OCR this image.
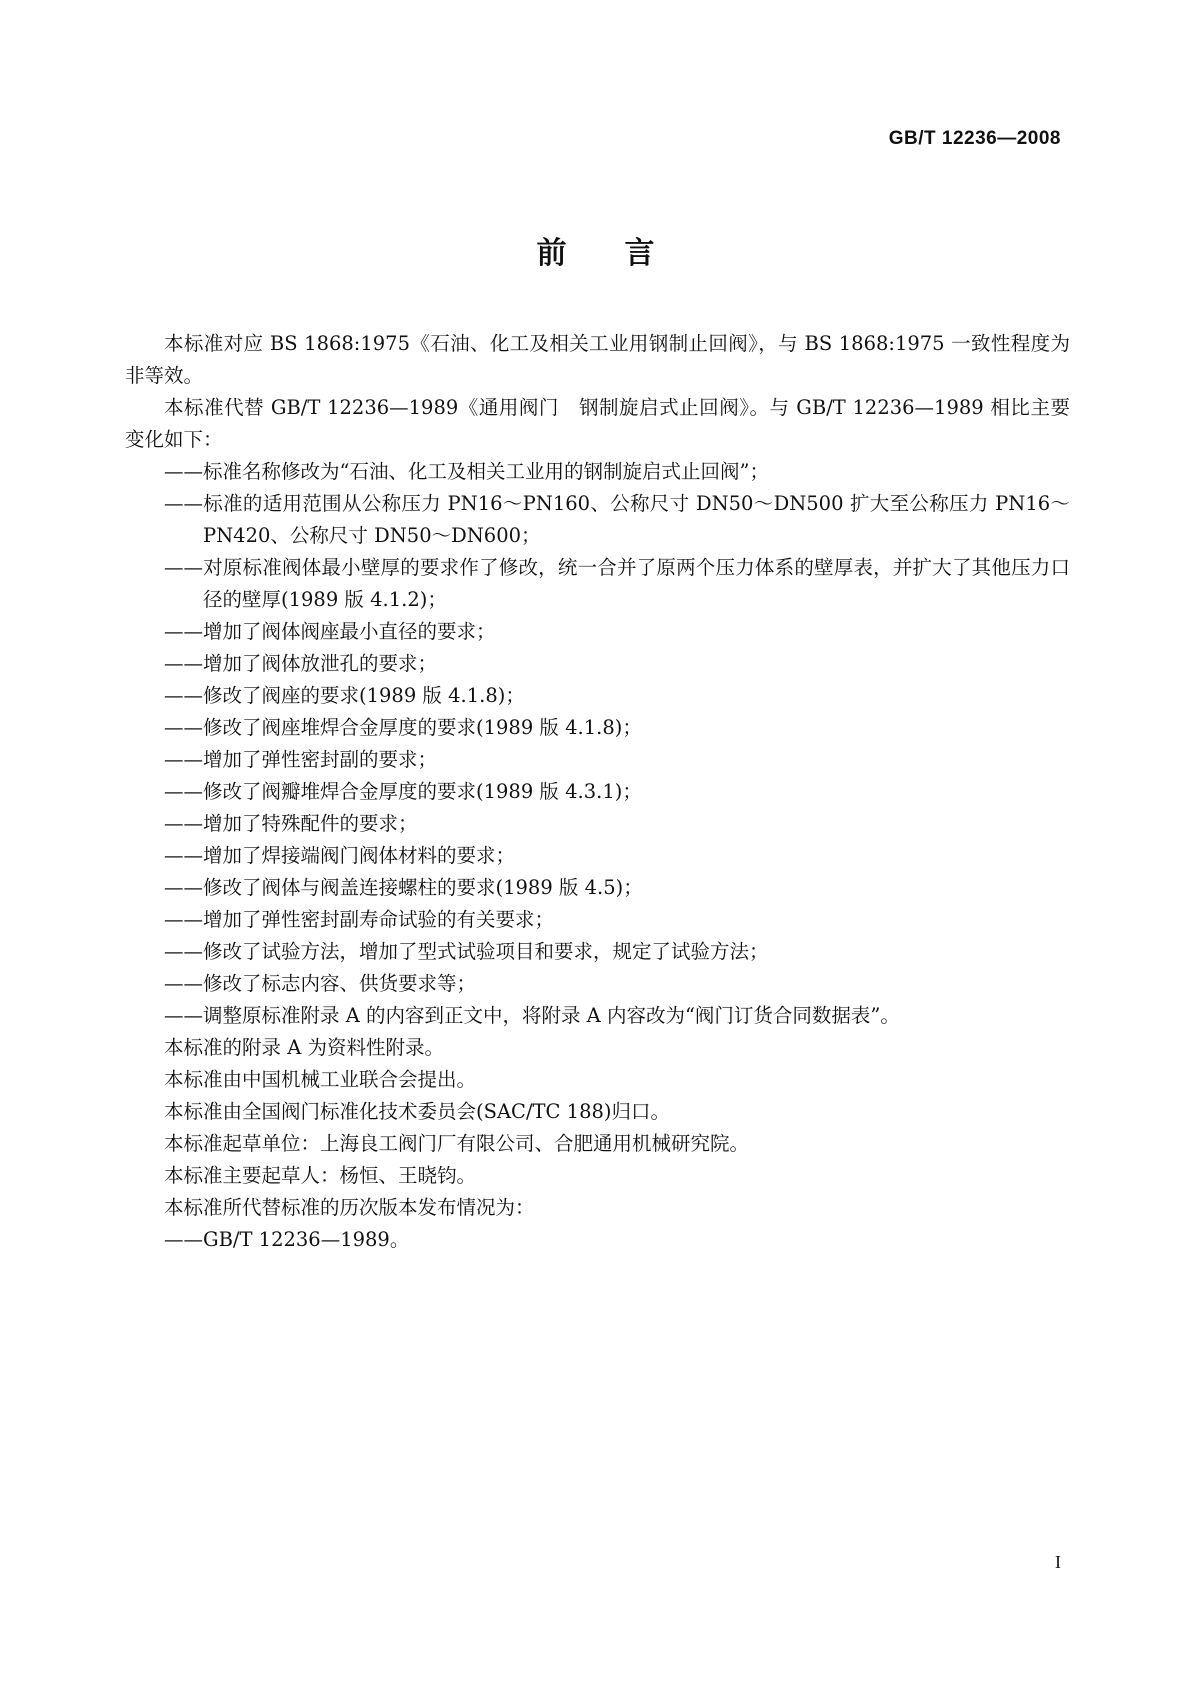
GB/T 12236—2008
前言

本标准对应 BS 1868:1975《石油、化工及相关工业用钢制止回阀》，与 BS 1868:1975 一致性程度为非等效。

本标准代替 GB/T 12236—1989《通用阀门　钢制旋启式止回阀》。与 GB/T 12236—1989 相比主要变化如下：

——标准名称修改为“石油、化工及相关工业用的钢制旋启式止回阀”；

——标准的适用范围从公称压力 PN16～PN160、公称尺寸 DN50～DN500 扩大至公称压力 PN16～PN420、公称尺寸 DN50～DN600；

——对原标准阀体最小壁厚的要求作了修改，统一合并了原两个压力体系的壁厚表，并扩大了其他压力口径的壁厚(1989 版 4.1.2)；

——增加了阀体阀座最小直径的要求；

——增加了阀体放泄孔的要求；

——修改了阀座的要求(1989 版 4.1.8)；

——修改了阀座堆焊合金厚度的要求(1989 版 4.1.8)；

——增加了弹性密封副的要求；

——修改了阀瓣堆焊合金厚度的要求(1989 版 4.3.1)；

——增加了特殊配件的要求；

——增加了焊接端阀门阀体材料的要求；

——修改了阀体与阀盖连接螺柱的要求(1989 版 4.5)；

——增加了弹性密封副寿命试验的有关要求；

——修改了试验方法，增加了型式试验项目和要求，规定了试验方法；

——修改了标志内容、供货要求等；

——调整原标准附录 A 的内容到正文中，将附录 A 内容改为“阀门订货合同数据表”。

本标准的附录 A 为资料性附录。

本标准由中国机械工业联合会提出。

本标准由全国阀门标准化技术委员会(SAC/TC 188)归口。

本标准起草单位：上海良工阀门厂有限公司、合肥通用机械研究院。

本标准主要起草人：杨恒、王晓钧。

本标准所代替标准的历次版本发布情况为：

——GB/T 12236—1989。

I
